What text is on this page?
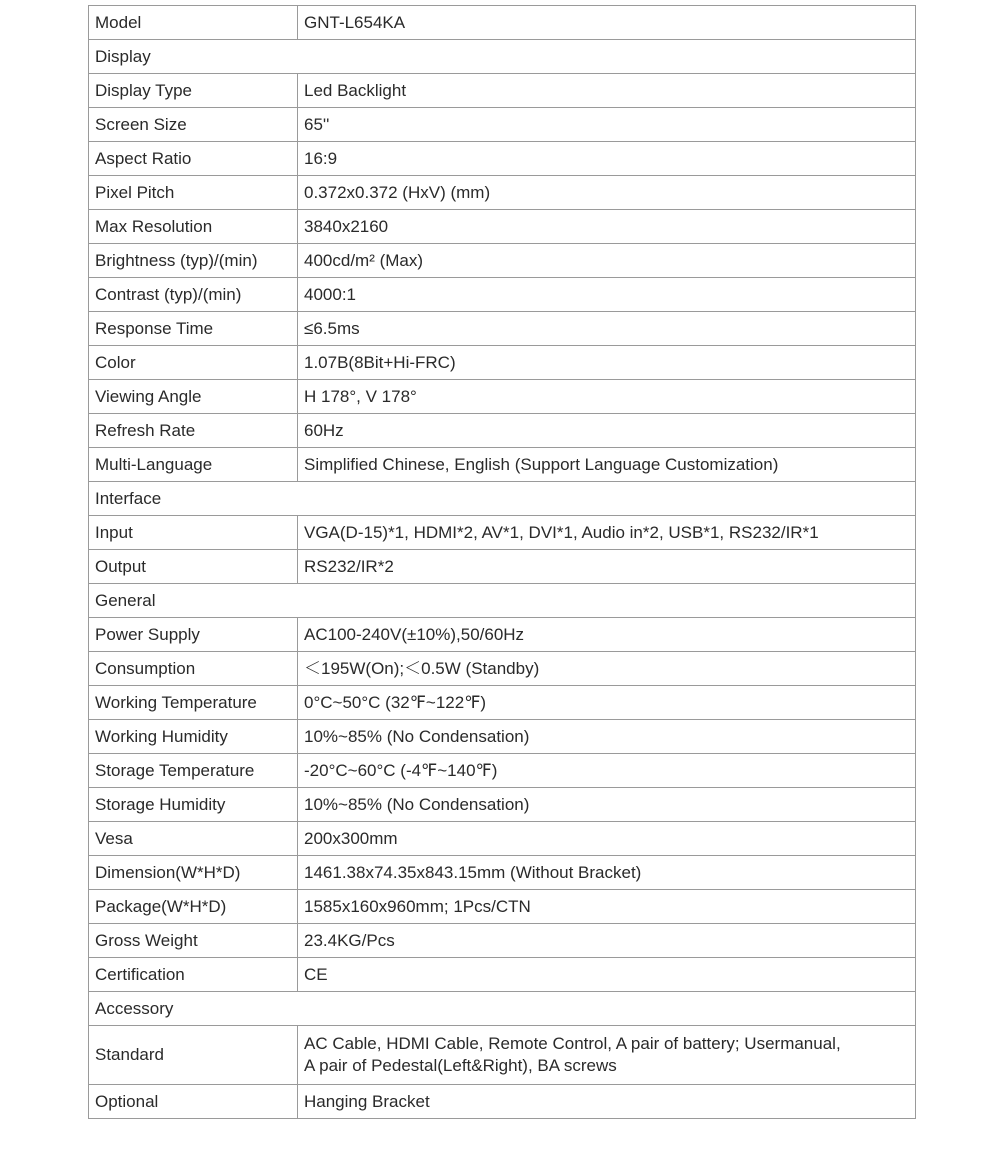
Model	GNT-L654KA
Display	
Display Type	Led Backlight
Screen Size	65''
Aspect Ratio	16:9
Pixel Pitch	0.372x0.372 (HxV) (mm)
Max Resolution	3840x2160
Brightness (typ)/(min)	400cd/m² (Max)
Contrast (typ)/(min)	4000:1
Response Time	≤6.5ms
Color	1.07B(8Bit+Hi-FRC)
Viewing Angle	H 178°, V 178°
Refresh Rate	60Hz
Multi-Language	Simplified Chinese, English (Support Language Customization)
Interface	
Input	VGA(D-15)*1, HDMI*2, AV*1, DVI*1, Audio in*2, USB*1, RS232/IR*1
Output	RS232/IR*2
General	
Power Supply	AC100-240V(±10%),50/60Hz
Consumption	＜195W(On);＜0.5W (Standby)
Working Temperature	0°C~50°C (32℉~122℉)
Working Humidity	10%~85% (No Condensation)
Storage Temperature	-20°C~60°C (-4℉~140℉)
Storage Humidity	10%~85% (No Condensation)
Vesa	200x300mm
Dimension(W*H*D)	1461.38x74.35x843.15mm (Without Bracket)
Package(W*H*D)	1585x160x960mm; 1Pcs/CTN
Gross Weight	23.4KG/Pcs
Certification	CE
Accessory	
Standard	AC Cable, HDMI Cable, Remote Control, A pair of battery; Usermanual,
A pair of Pedestal(Left&Right), BA screws

Optional	Hanging Bracket
